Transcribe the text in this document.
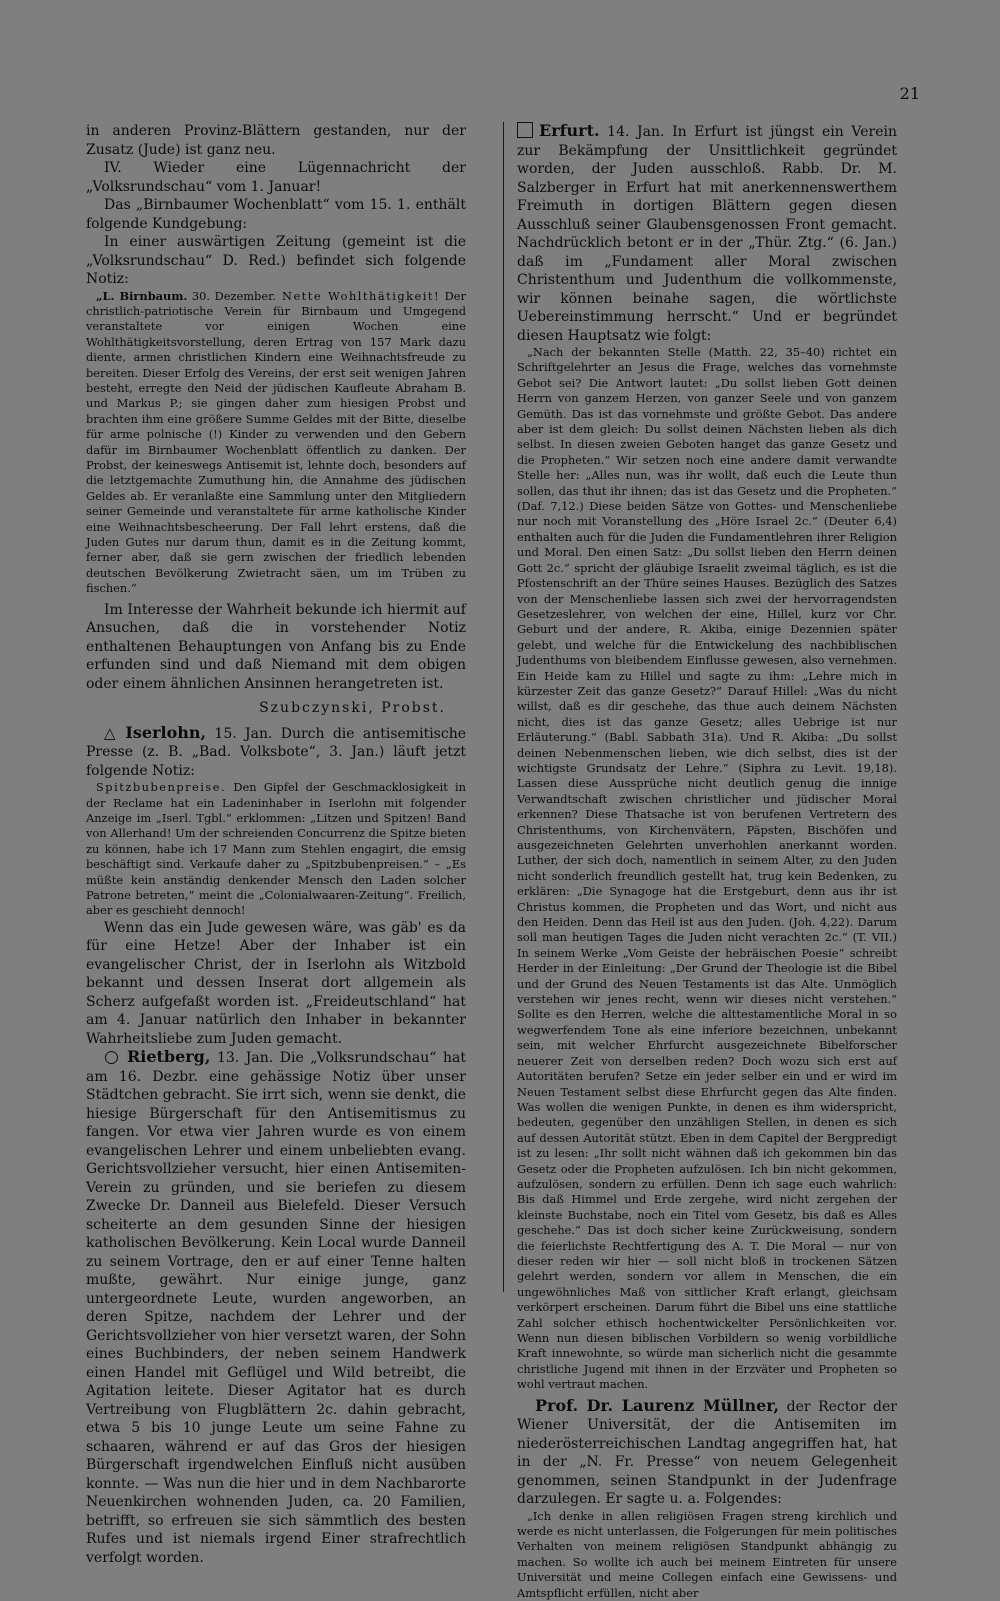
21

in anderen Provinz-Blättern gestanden, nur der Zusatz (Jude) ist ganz neu.

IV. Wieder eine Lügennachricht der „Volksrundschau“ vom 1. Januar!

Das „Birnbaumer Wochenblatt“ vom 15. 1. enthält folgende Kundgebung:

In einer auswärtigen Zeitung (gemeint ist die „Volksrundschau“ D. Red.) befindet sich folgende Notiz:

„L. Birnbaum. 30. Dezember. Nette Wohlthätigkeit! Der christlich-patriotische Verein für Birnbaum und Umgegend veranstaltete vor einigen Wochen eine Wohlthätigkeitsvorstellung, deren Ertrag von 157 Mark dazu diente, armen christlichen Kindern eine Weihnachtsfreude zu bereiten. Dieser Erfolg des Vereins, der erst seit wenigen Jahren besteht, erregte den Neid der jüdischen Kaufleute Abraham B. und Markus P.; sie gingen daher zum hiesigen Probst und brachten ihm eine größere Summe Geldes mit der Bitte, dieselbe für arme polnische (!) Kinder zu verwenden und den Gebern dafür im Birnbaumer Wochenblatt öffentlich zu danken. Der Probst, der keineswegs Antisemit ist, lehnte doch, besonders auf die letztgemachte Zumuthung hin, die Annahme des jüdischen Geldes ab. Er veranlaßte eine Sammlung unter den Mitgliedern seiner Gemeinde und veranstaltete für arme katholische Kinder eine Weihnachtsbescheerung. Der Fall lehrt erstens, daß die Juden Gutes nur darum thun, damit es in die Zeitung kommt, ferner aber, daß sie gern zwischen der friedlich lebenden deutschen Bevölkerung Zwietracht säen, um im Trüben zu fischen.“

Im Interesse der Wahrheit bekunde ich hiermit auf Ansuchen, daß die in vorstehender Notiz enthaltenen Behauptungen von Anfang bis zu Ende erfunden sind und daß Niemand mit dem obigen oder einem ähnlichen Ansinnen herangetreten ist.

Szubczynski, Probst.

△ Iserlohn, 15. Jan. Durch die antisemitische Presse (z. B. „Bad. Volksbote“, 3. Jan.) läuft jetzt folgende Notiz:

Spitzbubenpreise. Den Gipfel der Geschmacklosigkeit in der Reclame hat ein Ladeninhaber in Iserlohn mit folgender Anzeige im „Iserl. Tgbl.“ erklommen: „Litzen und Spitzen! Band von Allerhand! Um der schreienden Concurrenz die Spitze bieten zu können, habe ich 17 Mann zum Stehlen engagirt, die emsig beschäftigt sind. Verkaufe daher zu „Spitzbubenpreisen.“ – „Es müßte kein anständig denkender Mensch den Laden solcher Patrone betreten,“ meint die „Colonialwaaren-Zeitung“. Freilich, aber es geschieht dennoch!

Wenn das ein Jude gewesen wäre, was gäb' es da für eine Hetze! Aber der Inhaber ist ein evangelischer Christ, der in Iserlohn als Witzbold bekannt und dessen Inserat dort allgemein als Scherz aufgefaßt worden ist. „Freideutschland“ hat am 4. Januar natürlich den Inhaber in bekannter Wahrheitsliebe zum Juden gemacht.

○ Rietberg, 13. Jan. Die „Volksrundschau“ hat am 16. Dezbr. eine gehässige Notiz über unser Städtchen gebracht. Sie irrt sich, wenn sie denkt, die hiesige Bürgerschaft für den Antisemitismus zu fangen. Vor etwa vier Jahren wurde es von einem evangelischen Lehrer und einem unbeliebten evang. Gerichtsvollzieher versucht, hier einen Antisemiten-Verein zu gründen, und sie beriefen zu diesem Zwecke Dr. Danneil aus Bielefeld. Dieser Versuch scheiterte an dem gesunden Sinne der hiesigen katholischen Bevölkerung. Kein Local wurde Danneil zu seinem Vortrage, den er auf einer Tenne halten mußte, gewährt. Nur einige junge, ganz untergeordnete Leute, wurden angeworben, an deren Spitze, nachdem der Lehrer und der Gerichtsvollzieher von hier versetzt waren, der Sohn eines Buchbinders, der neben seinem Handwerk einen Handel mit Geflügel und Wild betreibt, die Agitation leitete. Dieser Agitator hat es durch Vertreibung von Flugblättern 2c. dahin gebracht, etwa 5 bis 10 junge Leute um seine Fahne zu schaaren, während er auf das Gros der hiesigen Bürgerschaft irgendwelchen Einfluß nicht ausüben konnte. — Was nun die hier und in dem Nachbarorte Neuenkirchen wohnenden Juden, ca. 20 Familien, betrifft, so erfreuen sie sich sämmtlich des besten Rufes und ist niemals irgend Einer strafrechtlich verfolgt worden.

Erfurt. 14. Jan. In Erfurt ist jüngst ein Verein zur Bekämpfung der Unsittlichkeit gegründet worden, der Juden ausschloß. Rabb. Dr. M. Salzberger in Erfurt hat mit anerkennenswerthem Freimuth in dortigen Blättern gegen diesen Ausschluß seiner Glaubensgenossen Front gemacht. Nachdrücklich betont er in der „Thür. Ztg.“ (6. Jan.) daß im „Fundament aller Moral zwischen Christenthum und Judenthum die vollkommenste, wir können beinahe sagen, die wörtlichste Uebereinstimmung herrscht.“ Und er begründet diesen Hauptsatz wie folgt:

„Nach der bekannten Stelle (Matth. 22, 35–40) richtet ein Schriftgelehrter an Jesus die Frage, welches das vornehmste Gebot sei? Die Antwort lautet: „Du sollst lieben Gott deinen Herrn von ganzem Herzen, von ganzer Seele und von ganzem Gemüth. Das ist das vornehmste und größte Gebot. Das andere aber ist dem gleich: Du sollst deinen Nächsten lieben als dich selbst. In diesen zweien Geboten hanget das ganze Gesetz und die Propheten.“ Wir setzen noch eine andere damit verwandte Stelle her: „Alles nun, was ihr wollt, daß euch die Leute thun sollen, das thut ihr ihnen; das ist das Gesetz und die Propheten.“ (Daf. 7,12.) Diese beiden Sätze von Gottes- und Menschenliebe nur noch mit Voranstellung des „Höre Israel 2c.“ (Deuter 6,4) enthalten auch für die Juden die Fundamentlehren ihrer Religion und Moral. Den einen Satz: „Du sollst lieben den Herrn deinen Gott 2c.“ spricht der gläubige Israelit zweimal täglich, es ist die Pfostenschrift an der Thüre seines Hauses. Bezüglich des Satzes von der Menschenliebe lassen sich zwei der hervorragendsten Gesetzeslehrer, von welchen der eine, Hillel, kurz vor Chr. Geburt und der andere, R. Akiba, einige Dezennien später gelebt, und welche für die Entwickelung des nachbiblischen Judenthums von bleibendem Einflusse gewesen, also vernehmen. Ein Heide kam zu Hillel und sagte zu ihm: „Lehre mich in kürzester Zeit das ganze Gesetz?“ Darauf Hillel: „Was du nicht willst, daß es dir geschehe, das thue auch deinem Nächsten nicht, dies ist das ganze Gesetz; alles Uebrige ist nur Erläuterung.“ (Babl. Sabbath 31a). Und R. Akiba: „Du sollst deinen Nebenmenschen lieben, wie dich selbst, dies ist der wichtigste Grundsatz der Lehre.“ (Siphra zu Levit. 19,18). Lassen diese Aussprüche nicht deutlich genug die innige Verwandtschaft zwischen christlicher und jüdischer Moral erkennen? Diese Thatsache ist von berufenen Vertretern des Christenthums, von Kirchenvätern, Päpsten, Bischöfen und ausgezeichneten Gelehrten unverhohlen anerkannt worden. Luther, der sich doch, namentlich in seinem Alter, zu den Juden nicht sonderlich freundlich gestellt hat, trug kein Bedenken, zu erklären: „Die Synagoge hat die Erstgeburt, denn aus ihr ist Christus kommen, die Propheten und das Wort, und nicht aus den Heiden. Denn das Heil ist aus den Juden. (Joh. 4,22). Darum soll man heutigen Tages die Juden nicht verachten 2c.“ (T. VII.) In seinem Werke „Vom Geiste der hebräischen Poesie“ schreibt Herder in der Einleitung: „Der Grund der Theologie ist die Bibel und der Grund des Neuen Testaments ist das Alte. Unmöglich verstehen wir jenes recht, wenn wir dieses nicht verstehen.“ Sollte es den Herren, welche die alttestamentliche Moral in so wegwerfendem Tone als eine inferiore bezeichnen, unbekannt sein, mit welcher Ehrfurcht ausgezeichnete Bibelforscher neuerer Zeit von derselben reden? Doch wozu sich erst auf Autoritäten berufen? Setze ein jeder selber ein und er wird im Neuen Testament selbst diese Ehrfurcht gegen das Alte finden. Was wollen die wenigen Punkte, in denen es ihm widerspricht, bedeuten, gegenüber den unzähligen Stellen, in denen es sich auf dessen Autorität stützt. Eben in dem Capitel der Bergpredigt ist zu lesen: „Ihr sollt nicht wähnen daß ich gekommen bin das Gesetz oder die Propheten aufzulösen. Ich bin nicht gekommen, aufzulösen, sondern zu erfüllen. Denn ich sage euch wahrlich: Bis daß Himmel und Erde zergehe, wird nicht zergehen der kleinste Buchstabe, noch ein Titel vom Gesetz, bis daß es Alles geschehe.“ Das ist doch sicher keine Zurückweisung, sondern die feierlichste Rechtfertigung des A. T. Die Moral — nur von dieser reden wir hier — soll nicht bloß in trockenen Sätzen gelehrt werden, sondern vor allem in Menschen, die ein ungewöhnliches Maß von sittlicher Kraft erlangt, gleichsam verkörpert erscheinen. Darum führt die Bibel uns eine stattliche Zahl solcher ethisch hochentwickelter Persönlichkeiten vor. Wenn nun diesen biblischen Vorbildern so wenig vorbildliche Kraft innewohnte, so würde man sicherlich nicht die gesammte christliche Jugend mit ihnen in der Erzväter und Propheten so wohl vertraut machen.

Prof. Dr. Laurenz Müllner, der Rector der Wiener Universität, der die Antisemiten im niederösterreichischen Landtag angegriffen hat, hat in der „N. Fr. Presse“ von neuem Gelegenheit genommen, seinen Standpunkt in der Judenfrage darzulegen. Er sagte u. a. Folgendes:

„Ich denke in allen religiösen Fragen streng kirchlich und werde es nicht unterlassen, die Folgerungen für mein politisches Verhalten von meinem religiösen Standpunkt abhängig zu machen. So wollte ich auch bei meinem Eintreten für unsere Universität und meine Collegen einfach eine Gewissens- und Amtspflicht erfüllen, nicht aber
